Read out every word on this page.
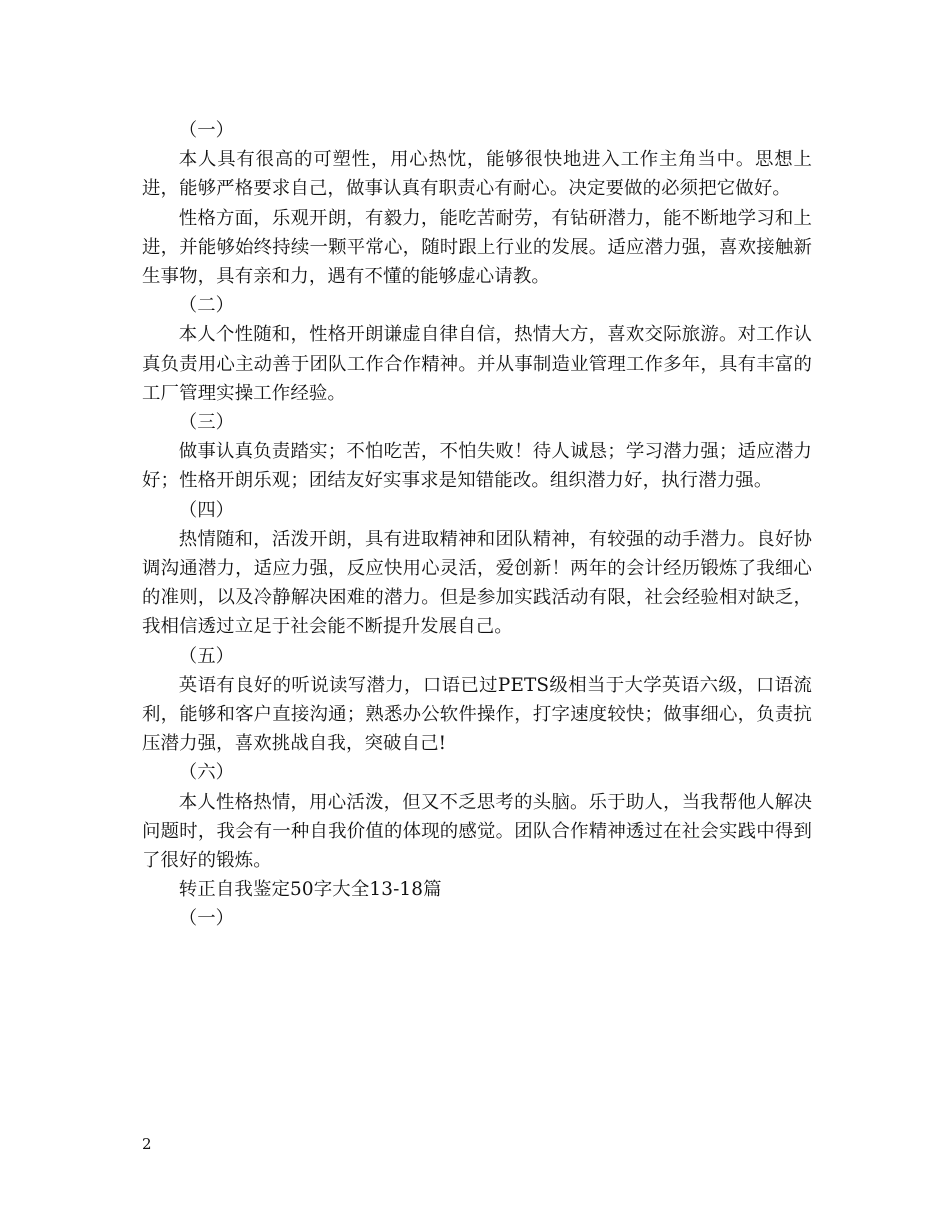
（一）
本人具有很高的可塑性，用心热忱，能够很快地进入工作主角当中。思想上进，能够严格要求自己，做事认真有职责心有耐心。决定要做的必须把它做好。
性格方面，乐观开朗，有毅力，能吃苦耐劳，有钻研潜力，能不断地学习和上进，并能够始终持续一颗平常心，随时跟上行业的发展。适应潜力强，喜欢接触新生事物，具有亲和力，遇有不懂的能够虚心请教。
（二）
本人个性随和，性格开朗谦虚自律自信，热情大方，喜欢交际旅游。对工作认真负责用心主动善于团队工作合作精神。并从事制造业管理工作多年，具有丰富的工厂管理实操工作经验。
（三）
做事认真负责踏实；不怕吃苦，不怕失败！待人诚恳；学习潜力强；适应潜力好；性格开朗乐观；团结友好实事求是知错能改。组织潜力好，执行潜力强。
（四）
热情随和，活泼开朗，具有进取精神和团队精神，有较强的动手潜力。良好协调沟通潜力，适应力强，反应快用心灵活，爱创新！两年的会计经历锻炼了我细心的准则，以及冷静解决困难的潜力。但是参加实践活动有限，社会经验相对缺乏，我相信透过立足于社会能不断提升发展自己。
（五）
英语有良好的听说读写潜力，口语已过PETS级相当于大学英语六级，口语流利，能够和客户直接沟通；熟悉办公软件操作，打字速度较快；做事细心，负责抗压潜力强，喜欢挑战自我，突破自己!
（六）
本人性格热情，用心活泼，但又不乏思考的头脑。乐于助人，当我帮他人解决问题时，我会有一种自我价值的体现的感觉。团队合作精神透过在社会实践中得到了很好的锻炼。
转正自我鉴定50字大全13-18篇
（一）
2
